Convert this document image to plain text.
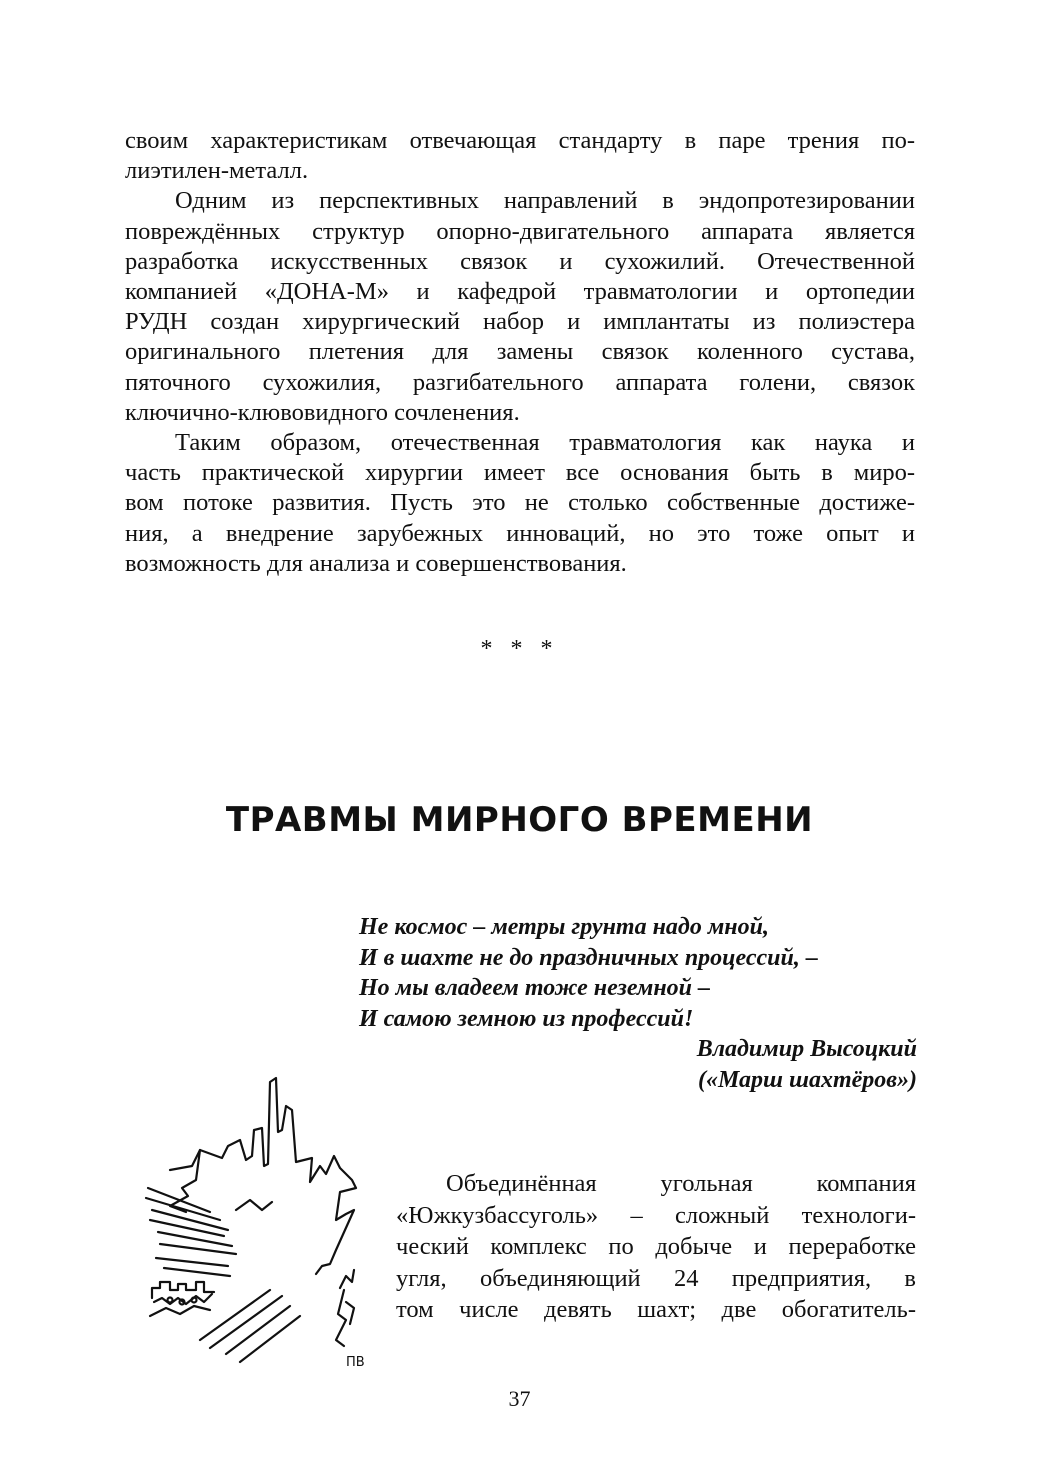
своим характеристикам отвечающая стандарту в паре трения по-
лиэтилен-металл.

Одним из перспективных направлений в эндопротезировании
повреждённых структур опорно-двигательного аппарата является
разработка искусственных связок и сухожилий. Отечественной
компанией «ДОНА-М» и кафедрой травматологии и ортопедии
РУДН создан хирургический набор и имплантаты из полиэстера
оригинального плетения для замены связок коленного сустава,
пяточного сухожилия, разгибательного аппарата голени, связок
ключично-клювовидного сочленения.

Таким образом, отечественная травматология как наука и
часть практической хирургии имеет все основания быть в миро-
вом потоке развития. Пусть это не столько собственные достиже-
ния, а внедрение зарубежных инноваций, но это тоже опыт и
возможность для анализа и совершенствования.

* * *
ТРАВМЫ МИРНОГО ВРЕМЕНИ
Не космос – метры грунта надо мной,
И в шахте не до праздничных процессий, –
Но мы владеем тоже неземной –
И самою земною из профессий!
Владимир Высоцкий
(«Марш шахтёров»)
ПВ
Объединённая угольная компания
«Южкузбассуголь» – сложный технологи-
ческий комплекс по добыче и переработке
угля, объединяющий 24 предприятия, в
том числе девять шахт; две обогатитель-
37
